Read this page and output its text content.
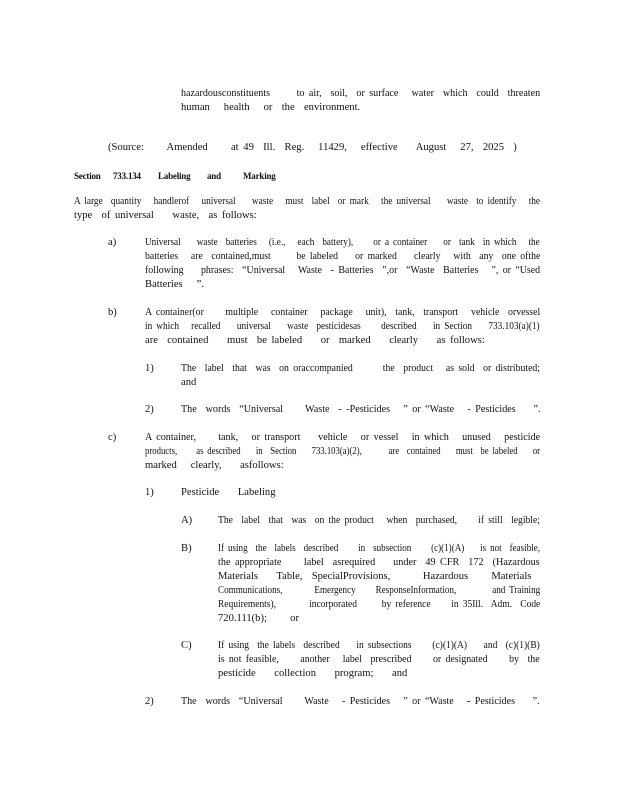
hazardousconstituents      to air,  soil,  or surface   water  which  could  threaten
human   health   or  the  environment.
(Source:     Amended     at 49  Ill.  Reg.   11429,   effective    August   27,  2025  )
Section 733.134 Labeling and Marking
A large  quantity   handlerof   universal    waste   must  label  or mark   the universal    waste  to identify   the
type  of universal    waste,  as follows:
a)	Universal    waste  batteries   (i.e.,   each  battery),     or a container    or  tank  in which   the
batteries   are  contained,must      be labeled    or marked    clearly   with  any  one ofthe
following    phrases:  “Universal   Waste  - Batteries  ”,or  “Waste  Batteries   ”, or “Used
Batteries   ”.
b)	A container(or     multiple   container   package   unit),  tank,  transport   vehicle  orvessel
in which   recalled    universal    waste  pesticidesas     described    in Section    733.103(a)(1)
are  contained    must  be labeled    or  marked    clearly    as follows:
1)	The  label  that  was  on oraccompanied       the  product   as sold  or distributed;
and
2)	The  words  “Universal     Waste  - -Pesticides   ” or “Waste   - Pesticides    ”.
c)	A container,     tank,   or transport    vehicle   or vessel   in which   unused   pesticide
products,     as described    in  Section    733.103(a)(2),       are  contained    must  be labeled    or
marked   clearly,    asfollows:
1)	Pesticide    Labeling
A) The  label  that  was  on the product   when  purchased,     if still  legible;
B) If using  the  labels  described     in  subsection     (c)(1)(A)    is not  feasible,
the appropriate     label  asrequired    under  49 CFR  172  (Hazardous
Materials    Table,  SpecialProvisions,       Hazardous     Materials
Communications,        Emergency     ResponseInformation,         and Training
Requirements),        incorporated      by reference     in 35Ill.  Adm.  Code
720.111(b);     or
C) If using  the labels  described    in subsections     (c)(1)(A)    and  (c)(1)(B)
is not feasible,     another   label  prescribed     or designated     by  the
pesticide    collection    program;    and
2)	The  words  “Universal     Waste   - Pesticides   ” or “Waste   - Pesticides    ”.
